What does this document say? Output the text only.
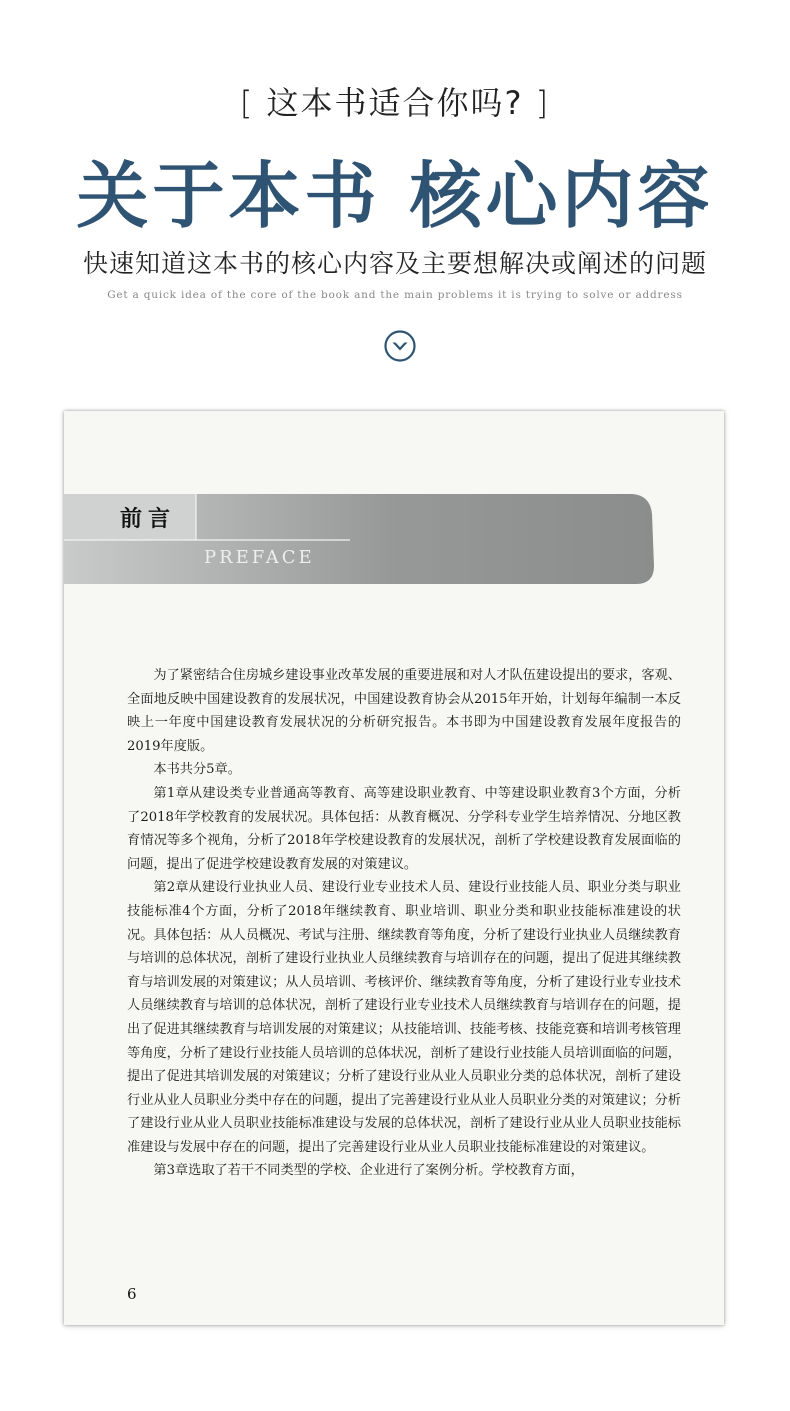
[ 这本书适合你吗? ]
关于本书 核心内容
快速知道这本书的核心内容及主要想解决或阐述的问题
Get a quick idea of the core of the book and the main problems it is trying to solve or address
前言
PREFACE

为了紧密结合住房城乡建设事业改革发展的重要进展和对人才队伍建设提出的要求，客观、全面地反映中国建设教育的发展状况，中国建设教育协会从2015年开始，计划每年编制一本反映上一年度中国建设教育发展状况的分析研究报告。本书即为中国建设教育发展年度报告的2019年度版。

本书共分5章。

第1章从建设类专业普通高等教育、高等建设职业教育、中等建设职业教育3个方面，分析了2018年学校教育的发展状况。具体包括：从教育概况、分学科专业学生培养情况、分地区教育情况等多个视角，分析了2018年学校建设教育的发展状况，剖析了学校建设教育发展面临的问题，提出了促进学校建设教育发展的对策建议。

第2章从建设行业执业人员、建设行业专业技术人员、建设行业技能人员、职业分类与职业技能标准4个方面，分析了2018年继续教育、职业培训、职业分类和职业技能标准建设的状况。具体包括：从人员概况、考试与注册、继续教育等角度，分析了建设行业执业人员继续教育与培训的总体状况，剖析了建设行业执业人员继续教育与培训存在的问题，提出了促进其继续教育与培训发展的对策建议；从人员培训、考核评价、继续教育等角度，分析了建设行业专业技术人员继续教育与培训的总体状况，剖析了建设行业专业技术人员继续教育与培训存在的问题，提出了促进其继续教育与培训发展的对策建议；从技能培训、技能考核、技能竞赛和培训考核管理等角度，分析了建设行业技能人员培训的总体状况，剖析了建设行业技能人员培训面临的问题，提出了促进其培训发展的对策建议；分析了建设行业从业人员职业分类的总体状况，剖析了建设行业从业人员职业分类中存在的问题，提出了完善建设行业从业人员职业分类的对策建议；分析了建设行业从业人员职业技能标准建设与发展的总体状况，剖析了建设行业从业人员职业技能标准建设与发展中存在的问题，提出了完善建设行业从业人员职业技能标准建设的对策建议。

第3章选取了若干不同类型的学校、企业进行了案例分析。学校教育方面，

6
